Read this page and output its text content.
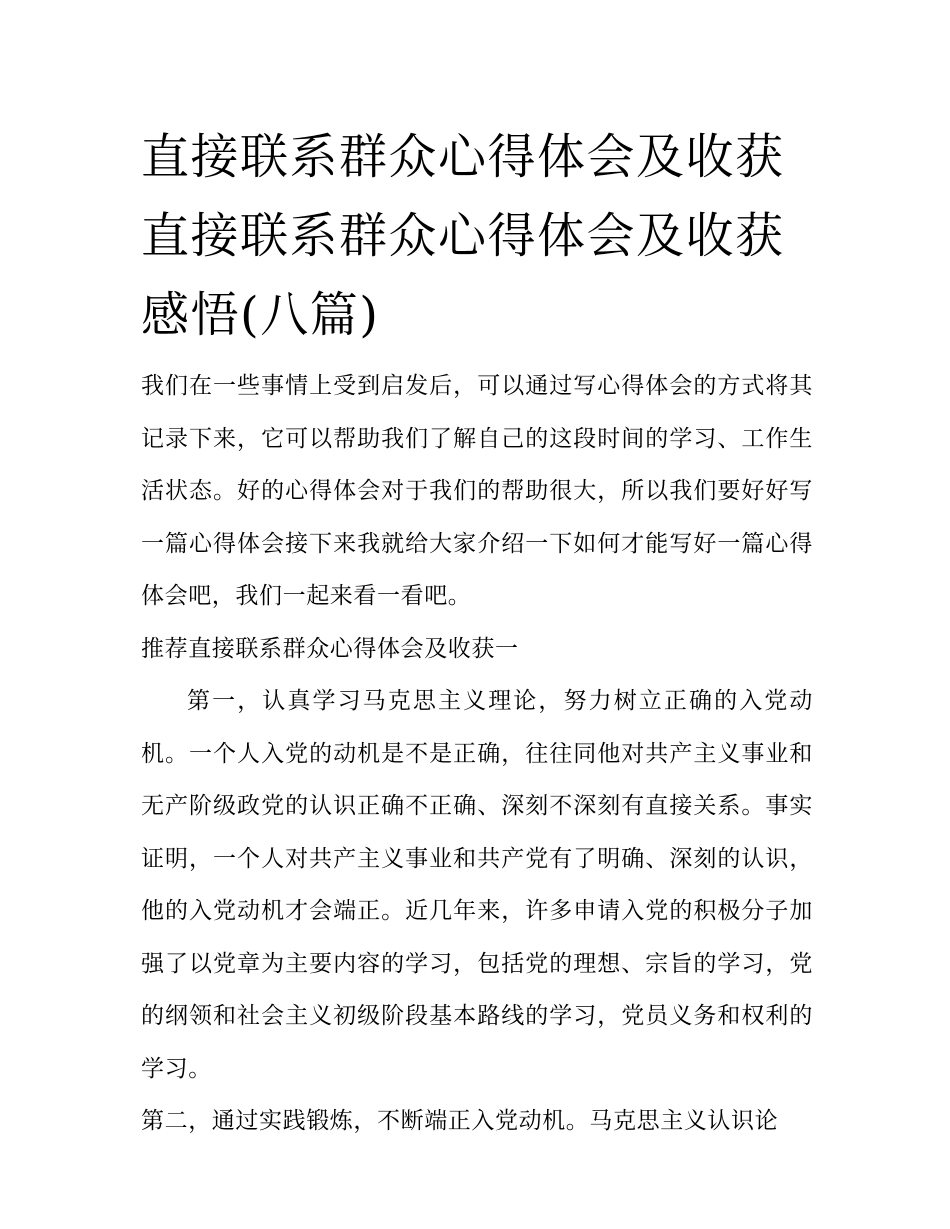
直接联系群众心得体会及收获直接联系群众心得体会及收获感悟(八篇)

我们在一些事情上受到启发后，可以通过写心得体会的方式将其记录下来，它可以帮助我们了解自己的这段时间的学习、工作生活状态。好的心得体会对于我们的帮助很大，所以我们要好好写一篇心得体会接下来我就给大家介绍一下如何才能写好一篇心得体会吧，我们一起来看一看吧。

推荐直接联系群众心得体会及收获一

第一，认真学习马克思主义理论，努力树立正确的入党动机。一个人入党的动机是不是正确，往往同他对共产主义事业和无产阶级政党的认识正确不正确、深刻不深刻有直接关系。事实证明，一个人对共产主义事业和共产党有了明确、深刻的认识，他的入党动机才会端正。近几年来，许多申请入党的积极分子加强了以党章为主要内容的学习，包括党的理想、宗旨的学习，党的纲领和社会主义初级阶段基本路线的学习，党员义务和权利的学习。

第二，通过实践锻炼，不断端正入党动机。马克思主义认识论
